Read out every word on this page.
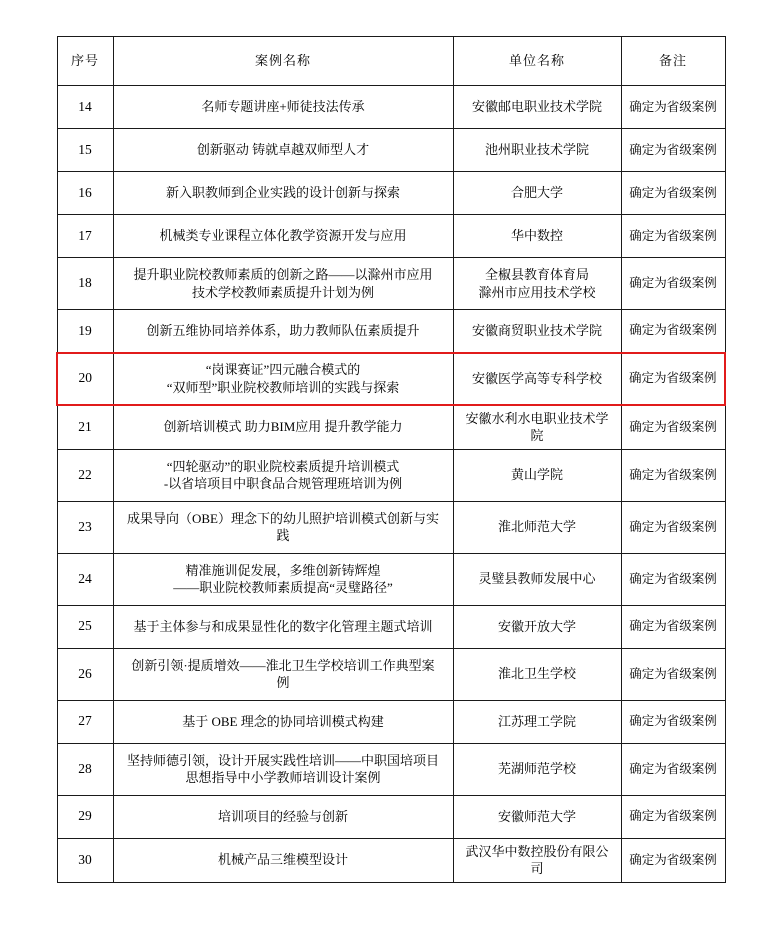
序号	案例名称	单位名称	备注
14	名师专题讲座+师徒技法传承	安徽邮电职业技术学院	确定为省级案例
15	创新驱动 铸就卓越双师型人才	池州职业技术学院	确定为省级案例
16	新入职教师到企业实践的设计创新与探索	合肥大学	确定为省级案例
17	机械类专业课程立体化教学资源开发与应用	华中数控	确定为省级案例
18	提升职业院校教师素质的创新之路——以滁州市应用
技术学校教师素质提升计划为例	全椒县教育体育局
滁州市应用技术学校	确定为省级案例
19	创新五维协同培养体系，助力教师队伍素质提升	安徽商贸职业技术学院	确定为省级案例
20	“岗课赛证”四元融合模式的
“双师型”职业院校教师培训的实践与探索	安徽医学高等专科学校	确定为省级案例
21	创新培训模式 助力BIM应用 提升教学能力	安徽水利水电职业技术学院	确定为省级案例
22	“四轮驱动”的职业院校素质提升培训模式
-以省培项目中职食品合规管理班培训为例	黄山学院	确定为省级案例
23	成果导向（OBE）理念下的幼儿照护培训模式创新与实
践	淮北师范大学	确定为省级案例
24	精准施训促发展，多维创新铸辉煌
——职业院校教师素质提高“灵璧路径”	灵璧县教师发展中心	确定为省级案例
25	基于主体参与和成果显性化的数字化管理主题式培训	安徽开放大学	确定为省级案例
26	创新引领·提质增效——淮北卫生学校培训工作典型案
例	淮北卫生学校	确定为省级案例
27	基于 OBE 理念的协同培训模式构建	江苏理工学院	确定为省级案例
28	坚持师德引领，设计开展实践性培训——中职国培项目
思想指导中小学教师培训设计案例	芜湖师范学校	确定为省级案例
29	培训项目的经验与创新	安徽师范大学	确定为省级案例
30	机械产品三维模型设计	武汉华中数控股份有限公司	确定为省级案例
